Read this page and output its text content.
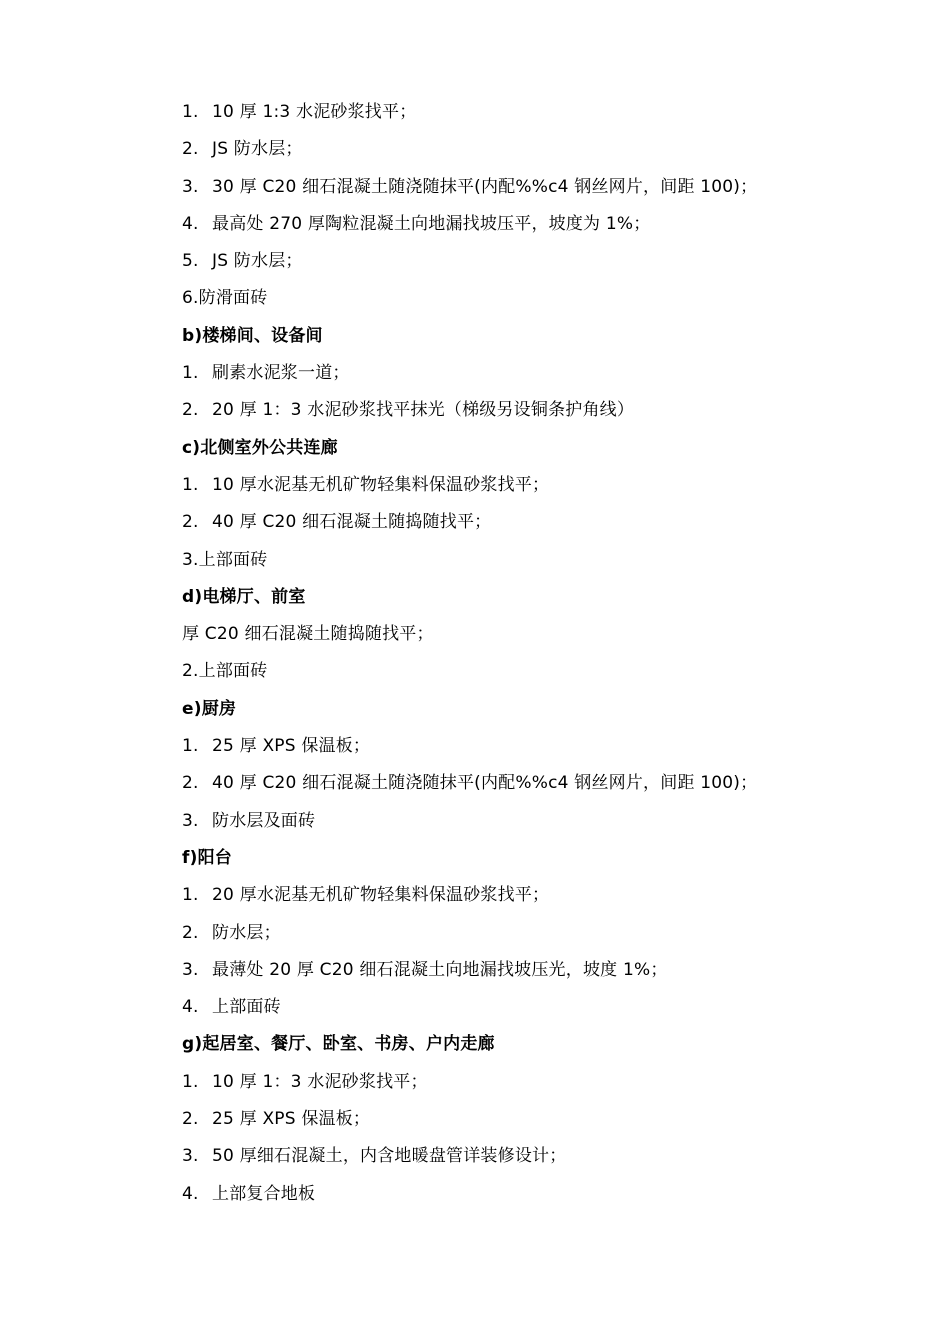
1. 10 厚 1:3 水泥砂浆找平；
2. JS 防水层；
3. 30 厚 C20 细石混凝土随浇随抹平(内配%%c4 钢丝网片，间距 100)；
4. 最高处 270 厚陶粒混凝土向地漏找坡压平，坡度为 1%；
5. JS 防水层；
6.防滑面砖
b)楼梯间、设备间
1. 刷素水泥浆一道；
2. 20 厚 1：3 水泥砂浆找平抹光（梯级另设铜条护角线）
c)北侧室外公共连廊
1. 10 厚水泥基无机矿物轻集料保温砂浆找平；
2. 40 厚 C20 细石混凝土随捣随找平；
3.上部面砖
d)电梯厅、前室
厚 C20 细石混凝土随捣随找平；
2.上部面砖
e)厨房
1. 25 厚 XPS 保温板；
2. 40 厚 C20 细石混凝土随浇随抹平(内配%%c4 钢丝网片，间距 100)；
3. 防水层及面砖
f)阳台
1. 20 厚水泥基无机矿物轻集料保温砂浆找平；
2. 防水层；
3. 最薄处 20 厚 C20 细石混凝土向地漏找坡压光，坡度 1%；
4. 上部面砖
g)起居室、餐厅、卧室、书房、户内走廊
1. 10 厚 1：3 水泥砂浆找平；
2. 25 厚 XPS 保温板；
3. 50 厚细石混凝土，内含地暖盘管详装修设计；
4. 上部复合地板
